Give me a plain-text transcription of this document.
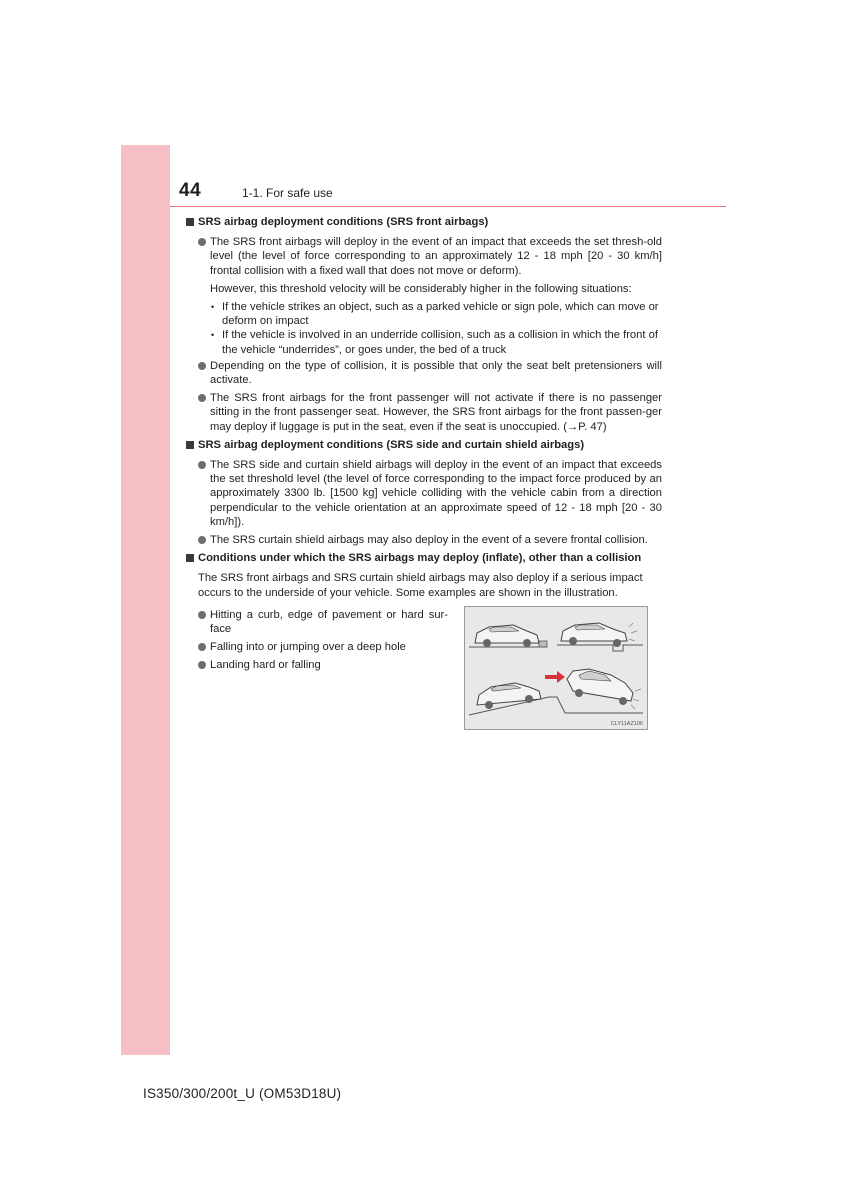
44	1-1. For safe use

SRS airbag deployment conditions (SRS front airbags)

The SRS front airbags will deploy in the event of an impact that exceeds the set thresh-old level (the level of force corresponding to an approximately 12 - 18 mph [20 - 30 km/h] frontal collision with a fixed wall that does not move or deform).

However, this threshold velocity will be considerably higher in the following situations:

• If the vehicle strikes an object, such as a parked vehicle or sign pole, which can move or deform on impact

• If the vehicle is involved in an underride collision, such as a collision in which the front of the vehicle “underrides”, or goes under, the bed of a truck

Depending on the type of collision, it is possible that only the seat belt pretensioners will activate.

The SRS front airbags for the front passenger will not activate if there is no passenger sitting in the front passenger seat. However, the SRS front airbags for the front passen-ger may deploy if luggage is put in the seat, even if the seat is unoccupied. (→P. 47)

SRS airbag deployment conditions (SRS side and curtain shield airbags)

The SRS side and curtain shield airbags will deploy in the event of an impact that exceeds the set threshold level (the level of force corresponding to the impact force produced by an approximately 3300 lb. [1500 kg] vehicle colliding with the vehicle cabin from a direction perpendicular to the vehicle orientation at an approximate speed of 12 - 18 mph [20 - 30 km/h]).

The SRS curtain shield airbags may also deploy in the event of a severe frontal collision.

Conditions under which the SRS airbags may deploy (inflate), other than a collision

The SRS front airbags and SRS curtain shield airbags may also deploy if a serious impact occurs to the underside of your vehicle. Some examples are shown in the illustration.

Hitting a curb, edge of pavement or hard sur-face

Falling into or jumping over a deep hole

Landing hard or falling

CLY11AZ106
IS350/300/200t_U (OM53D18U)
